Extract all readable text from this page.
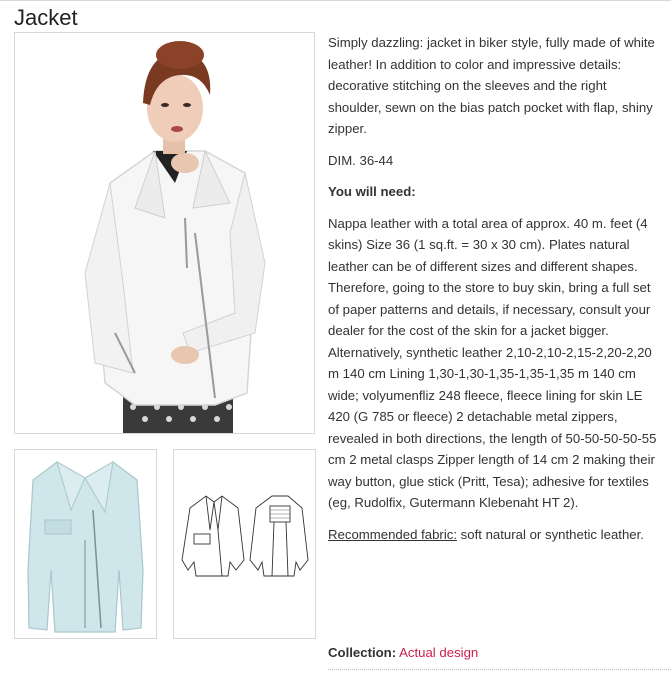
Jacket

Simply dazzling: jacket in biker style, fully made of white leather! In addition to color and impressive details: decorative stitching on the sleeves and the right shoulder, sewn on the bias patch pocket with flap, shiny zipper.

DIM. 36-44

You will need:

Nappa leather with a total area of approx. 40 m. feet (4 skins) Size 36 (1 sq.ft. = 30 x 30 cm). Plates natural leather can be of different sizes and different shapes. Therefore, going to the store to buy skin, bring a full set of paper patterns and details, if necessary, consult your dealer for the cost of the skin for a jacket bigger. Alternatively, synthetic leather 2,10-2,10-2,15-2,20-2,20 m 140 cm Lining 1,30-1,30-1,35-1,35-1,35 m 140 cm wide; volyumenfliz 248 fleece, fleece lining for skin LE 420 (G 785 or fleece) 2 detachable metal zippers, revealed in both directions, the length of 50-50-50-50-55 cm 2 metal clasps Zipper length of 14 cm 2 making their way button, glue stick (Pritt, Tesa); adhesive for textiles (eg, Rudolfix, Gutermann Klebenaht HT 2).

Recommended fabric: soft natural or synthetic leather.

Collection: Actual design
